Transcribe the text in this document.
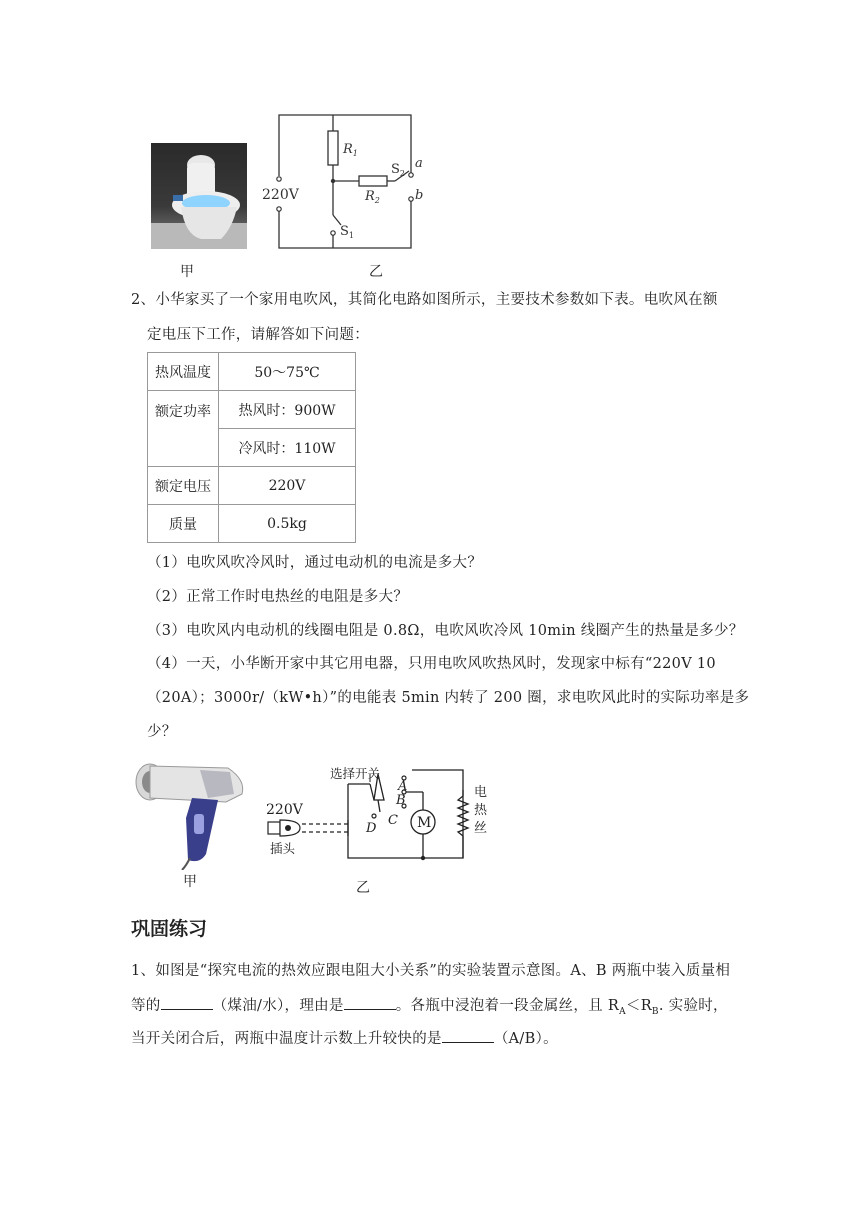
甲
220V
$R_1$
$R_2$
$S_1$
$S_2$
a
b
乙
2、小华家买了一个家用电吹风，其简化电路如图所示，主要技术参数如下表。电吹风在额
定电压下工作，请解答如下问题：
热风温度	50～75℃
额定功率	热风时：900W
	冷风时：110W
额定电压	220V
质量	0.5kg
（1）电吹风吹冷风时，通过电动机的电流是多大？
（2）正常工作时电热丝的电阻是多大？
（3）电吹风内电动机的线圈电阻是 0.8Ω，电吹风吹冷风 10min 线圈产生的热量是多少？
（4）一天，小华断开家中其它用电器，只用电吹风吹热风时，发现家中标有“220V 10
（20A）；3000r/（kW•h）”的电能表 5min 内转了 200 圈，求电吹风此时的实际功率是多
少？
甲
M
选择开关
220V
插头
A
B
C
D
电
热
丝
乙
巩固练习
1、如图是“探究电流的热效应跟电阻大小关系”的实验装置示意图。A、B 两瓶中装入质量相
等的	（煤油/水），理由是	。各瓶中浸泡着一段金属丝，且 $R_A<R_B$. 实验时，
当开关闭合后，两瓶中温度计示数上升较快的是	（A/B）。
